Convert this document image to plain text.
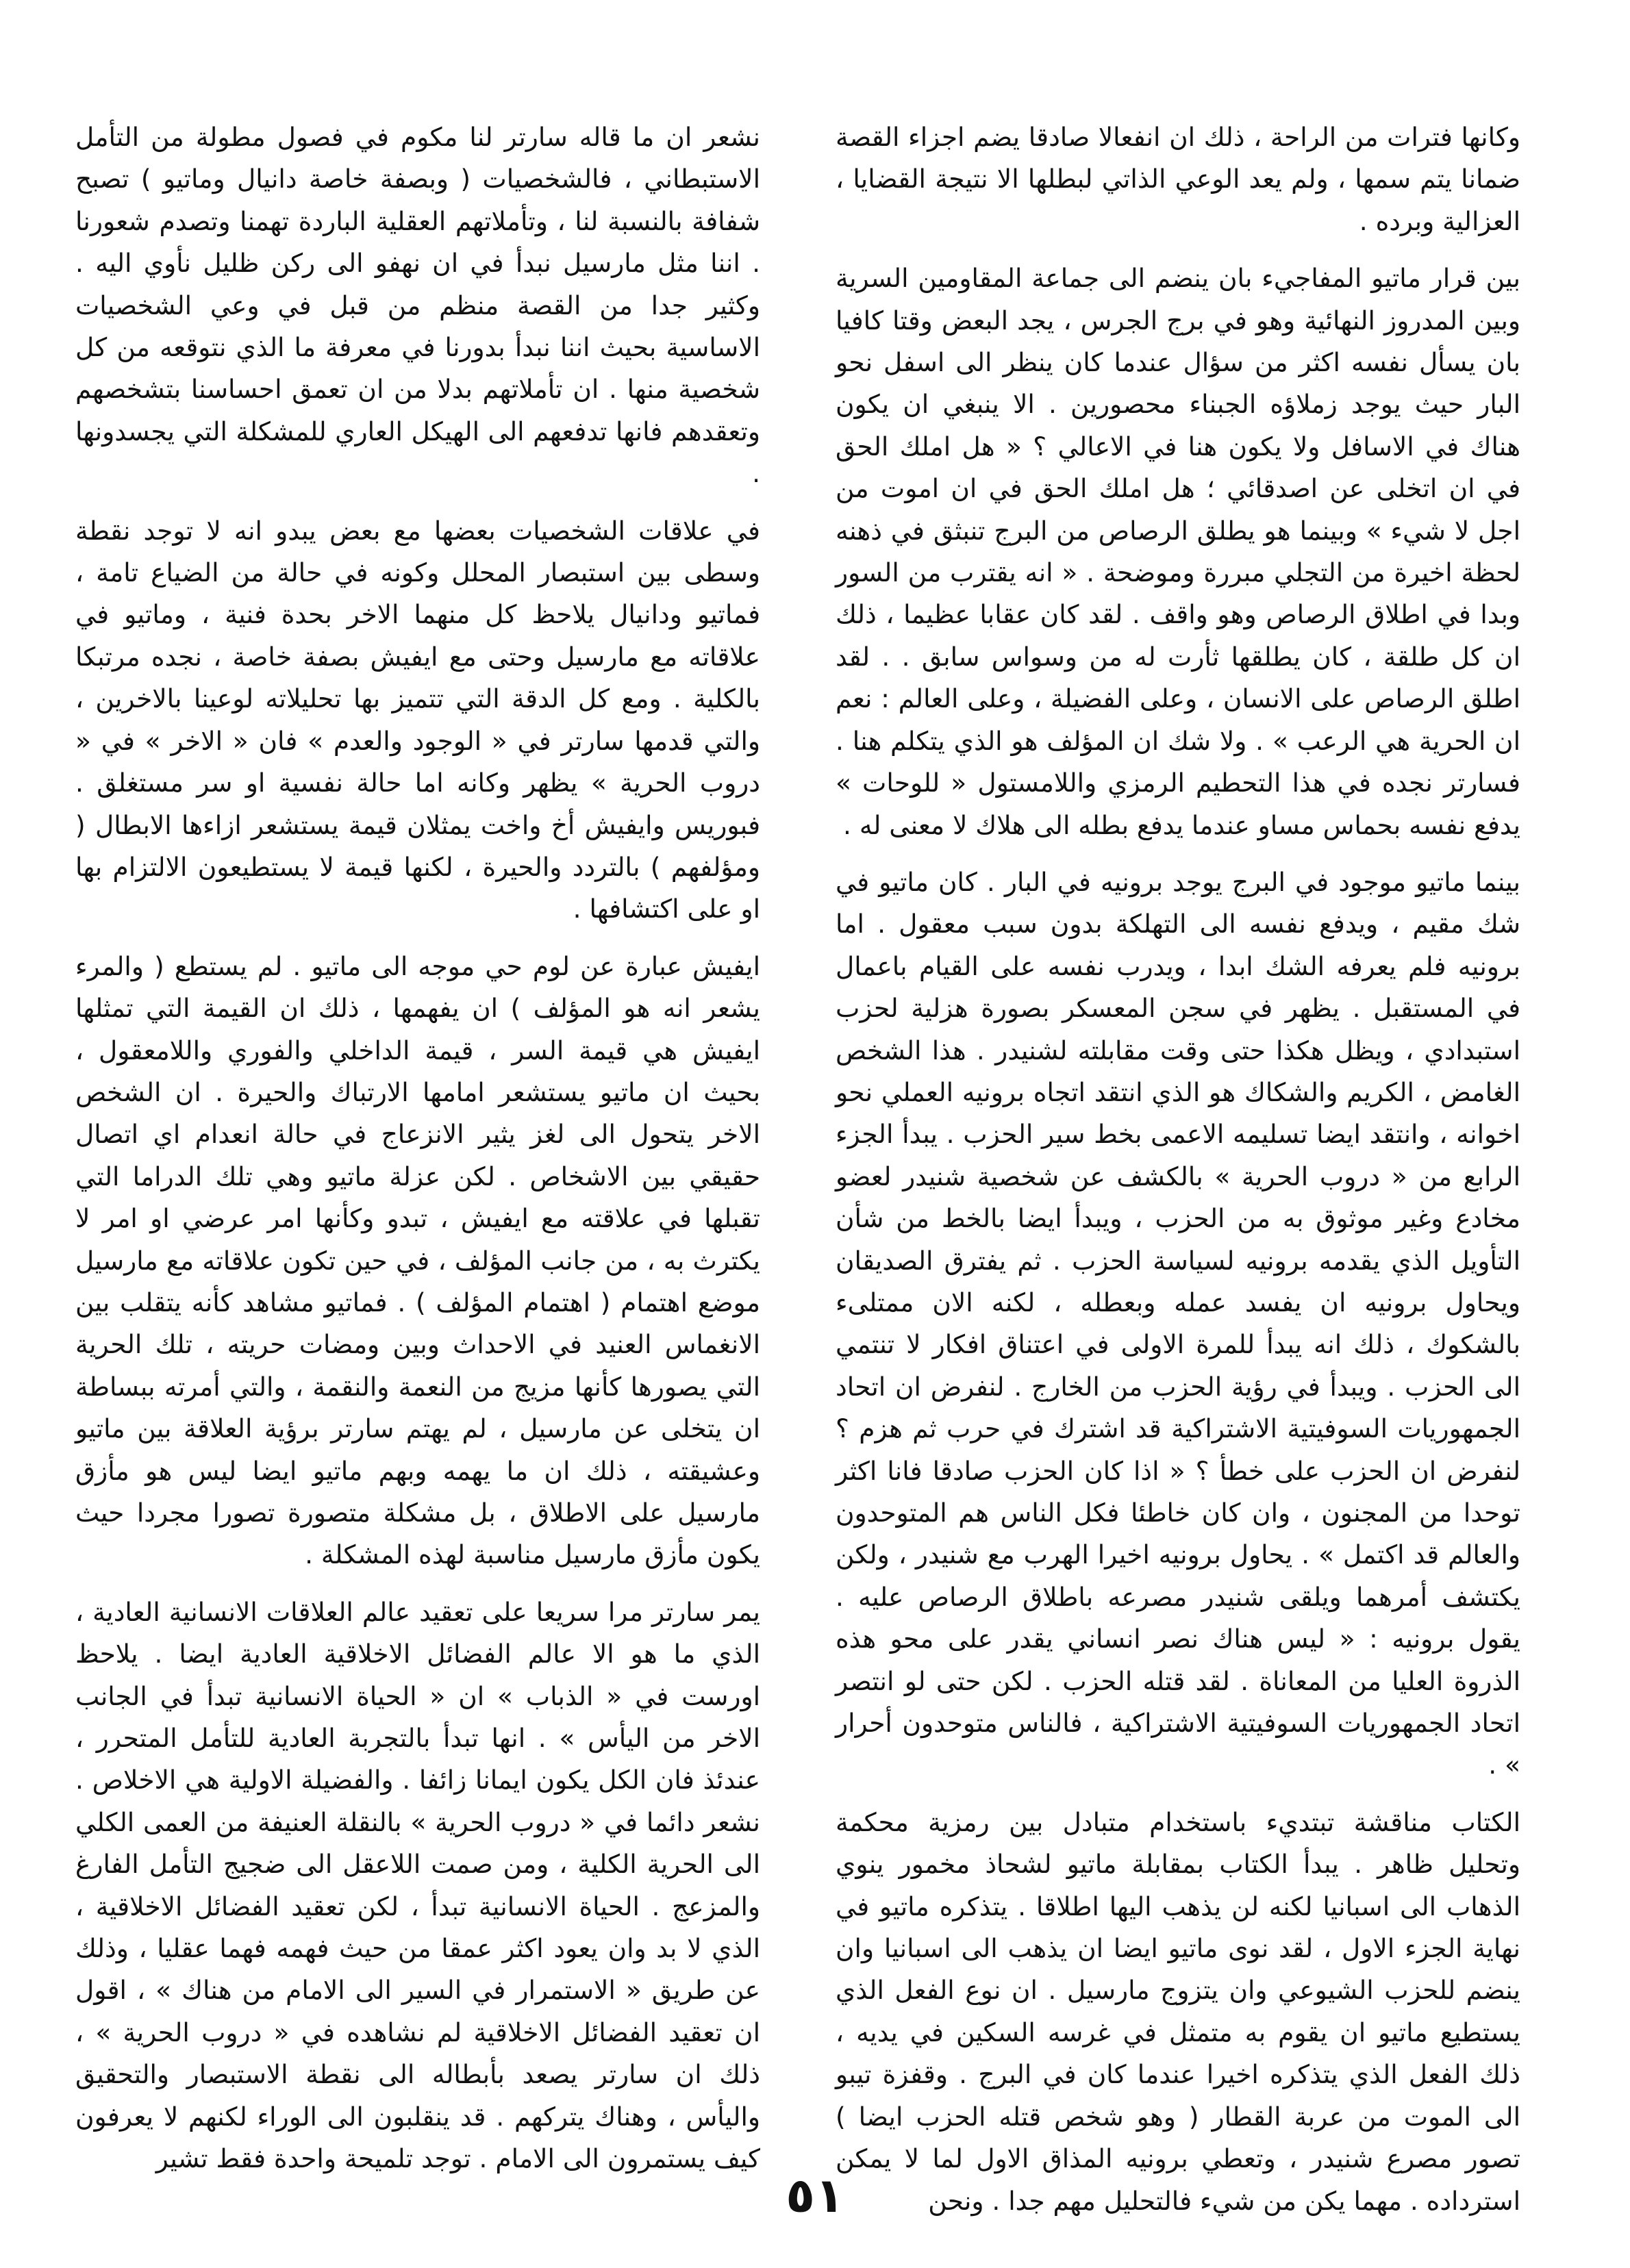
وكانها فترات من الراحة ، ذلك ان انفعالا صادقا يضم اجزاء القصة ضمانا يتم سمها ، ولم يعد الوعي الذاتي لبطلها الا نتيجة القضايا ، العزالية وبرده .

بين قرار ماتيو المفاجيء بان ينضم الى جماعة المقاومين السرية وبين المدروز النهائية وهو في برج الجرس ، يجد البعض وقتا كافيا بان يسأل نفسه اكثر من سؤال عندما كان ينظر الى اسفل نحو البار حيث يوجد زملاؤه الجبناء محصورين . الا ينبغي ان يكون هناك في الاسافل ولا يكون هنا في الاعالي ؟ « هل املك الحق في ان اتخلى عن اصدقائي ؛ هل املك الحق في ان اموت من اجل لا شيء » وبينما هو يطلق الرصاص من البرج تنبثق في ذهنه لحظة اخيرة من التجلي مبررة وموضحة . « انه يقترب من السور وبدا في اطلاق الرصاص وهو واقف . لقد كان عقابا عظيما ، ذلك ان كل طلقة ، كان يطلقها ثأرت له من وسواس سابق . . لقد اطلق الرصاص على الانسان ، وعلى الفضيلة ، وعلى العالم : نعم ان الحرية هي الرعب » . ولا شك ان المؤلف هو الذي يتكلم هنا . فسارتر نجده في هذا التحطيم الرمزي واللامستول « للوحات » يدفع نفسه بحماس مساو عندما يدفع بطله الى هلاك لا معنى له .

بينما ماتيو موجود في البرج يوجد برونيه في البار . كان ماتيو في شك مقيم ، ويدفع نفسه الى التهلكة بدون سبب معقول . اما برونيه فلم يعرفه الشك ابدا ، ويدرب نفسه على القيام باعمال في المستقبل . يظهر في سجن المعسكر بصورة هزلية لحزب استبدادي ، ويظل هكذا حتى وقت مقابلته لشنيدر . هذا الشخص الغامض ، الكريم والشكاك هو الذي انتقد اتجاه برونيه العملي نحو اخوانه ، وانتقد ايضا تسليمه الاعمى بخط سير الحزب . يبدأ الجزء الرابع من « دروب الحرية » بالكشف عن شخصية شنيدر لعضو مخادع وغير موثوق به من الحزب ، ويبدأ ايضا بالخط من شأن التأويل الذي يقدمه برونيه لسياسة الحزب . ثم يفترق الصديقان ويحاول برونيه ان يفسد عمله وبعطله ، لكنه الان ممتلىء بالشكوك ، ذلك انه يبدأ للمرة الاولى في اعتناق افكار لا تنتمي الى الحزب . ويبدأ في رؤية الحزب من الخارج . لنفرض ان اتحاد الجمهوريات السوفيتية الاشتراكية قد اشترك في حرب ثم هزم ؟ لنفرض ان الحزب على خطأ ؟ « اذا كان الحزب صادقا فانا اكثر توحدا من المجنون ، وان كان خاطئا فكل الناس هم المتوحدون والعالم قد اكتمل » . يحاول برونيه اخيرا الهرب مع شنيدر ، ولكن يكتشف أمرهما ويلقى شنيدر مصرعه باطلاق الرصاص عليه . يقول برونيه : « ليس هناك نصر انساني يقدر على محو هذه الذروة العليا من المعاناة . لقد قتله الحزب . لكن حتى لو انتصر اتحاد الجمهوريات السوفيتية الاشتراكية ، فالناس متوحدون أحرار » .

الكتاب مناقشة تبتديء باستخدام متبادل بين رمزية محكمة وتحليل ظاهر . يبدأ الكتاب بمقابلة ماتيو لشحاذ مخمور ينوي الذهاب الى اسبانيا لكنه لن يذهب اليها اطلاقا . يتذكره ماتيو في نهاية الجزء الاول ، لقد نوى ماتيو ايضا ان يذهب الى اسبانيا وان ينضم للحزب الشيوعي وان يتزوج مارسيل . ان نوع الفعل الذي يستطيع ماتيو ان يقوم به متمثل في غرسه السكين في يديه ، ذلك الفعل الذي يتذكره اخيرا عندما كان في البرج . وقفزة تيبو الى الموت من عربة القطار ( وهو شخص قتله الحزب ايضا ) تصور مصرع شنيدر ، وتعطي برونيه المذاق الاول لما لا يمكن استرداده . مهما يكن من شيء فالتحليل مهم جدا . ونحن

نشعر ان ما قاله سارتر لنا مكوم في فصول مطولة من التأمل الاستبطاني ، فالشخصيات ( وبصفة خاصة دانيال وماتيو ) تصبح شفافة بالنسبة لنا ، وتأملاتهم العقلية الباردة تهمنا وتصدم شعورنا . اننا مثل مارسيل نبدأ في ان نهفو الى ركن ظليل نأوي اليه . وكثير جدا من القصة منظم من قبل في وعي الشخصيات الاساسية بحيث اننا نبدأ بدورنا في معرفة ما الذي نتوقعه من كل شخصية منها . ان تأملاتهم بدلا من ان تعمق احساسنا بتشخصهم وتعقدهم فانها تدفعهم الى الهيكل العاري للمشكلة التي يجسدونها .

في علاقات الشخصيات بعضها مع بعض يبدو انه لا توجد نقطة وسطى بين استبصار المحلل وكونه في حالة من الضياع تامة ، فماتيو ودانيال يلاحظ كل منهما الاخر بحدة فنية ، وماتيو في علاقاته مع مارسيل وحتى مع ايفيش بصفة خاصة ، نجده مرتبكا بالكلية . ومع كل الدقة التي تتميز بها تحليلاته لوعينا بالاخرين ، والتي قدمها سارتر في « الوجود والعدم » فان « الاخر » في « دروب الحرية » يظهر وكانه اما حالة نفسية او سر مستغلق . فبوريس وايفيش أخ واخت يمثلان قيمة يستشعر ازاءها الابطال ( ومؤلفهم ) بالتردد والحيرة ، لكنها قيمة لا يستطيعون الالتزام بها او على اكتشافها .

ايفيش عبارة عن لوم حي موجه الى ماتيو . لم يستطع ( والمرء يشعر انه هو المؤلف ) ان يفهمها ، ذلك ان القيمة التي تمثلها ايفيش هي قيمة السر ، قيمة الداخلي والفوري واللامعقول ، بحيث ان ماتيو يستشعر امامها الارتباك والحيرة . ان الشخص الاخر يتحول الى لغز يثير الانزعاج في حالة انعدام اي اتصال حقيقي بين الاشخاص . لكن عزلة ماتيو وهي تلك الدراما التي تقبلها في علاقته مع ايفيش ، تبدو وكأنها امر عرضي او امر لا يكترث به ، من جانب المؤلف ، في حين تكون علاقاته مع مارسيل موضع اهتمام ( اهتمام المؤلف ) . فماتيو مشاهد كأنه يتقلب بين الانغماس العنيد في الاحداث وبين ومضات حريته ، تلك الحرية التي يصورها كأنها مزيج من النعمة والنقمة ، والتي أمرته ببساطة ان يتخلى عن مارسيل ، لم يهتم سارتر برؤية العلاقة بين ماتيو وعشيقته ، ذلك ان ما يهمه وبهم ماتيو ايضا ليس هو مأزق مارسيل على الاطلاق ، بل مشكلة متصورة تصورا مجردا حيث يكون مأزق مارسيل مناسبة لهذه المشكلة .

يمر سارتر مرا سريعا على تعقيد عالم العلاقات الانسانية العادية ، الذي ما هو الا عالم الفضائل الاخلاقية العادية ايضا . يلاحظ اورست في « الذباب » ان « الحياة الانسانية تبدأ في الجانب الاخر من اليأس » . انها تبدأ بالتجربة العادية للتأمل المتحرر ، عندئذ فان الكل يكون ايمانا زائفا . والفضيلة الاولية هي الاخلاص . نشعر دائما في « دروب الحرية » بالنقلة العنيفة من العمى الكلي الى الحرية الكلية ، ومن صمت اللاعقل الى ضجيج التأمل الفارغ والمزعج . الحياة الانسانية تبدأ ، لكن تعقيد الفضائل الاخلاقية ، الذي لا بد وان يعود اكثر عمقا من حيث فهمه فهما عقليا ، وذلك عن طريق « الاستمرار في السير الى الامام من هناك » ، اقول ان تعقيد الفضائل الاخلاقية لم نشاهده في « دروب الحرية » ، ذلك ان سارتر يصعد بأبطاله الى نقطة الاستبصار والتحقيق واليأس ، وهناك يتركهم . قد ينقلبون الى الوراء لكنهم لا يعرفون كيف يستمرون الى الامام . توجد تلميحة واحدة فقط تشير

٥١
